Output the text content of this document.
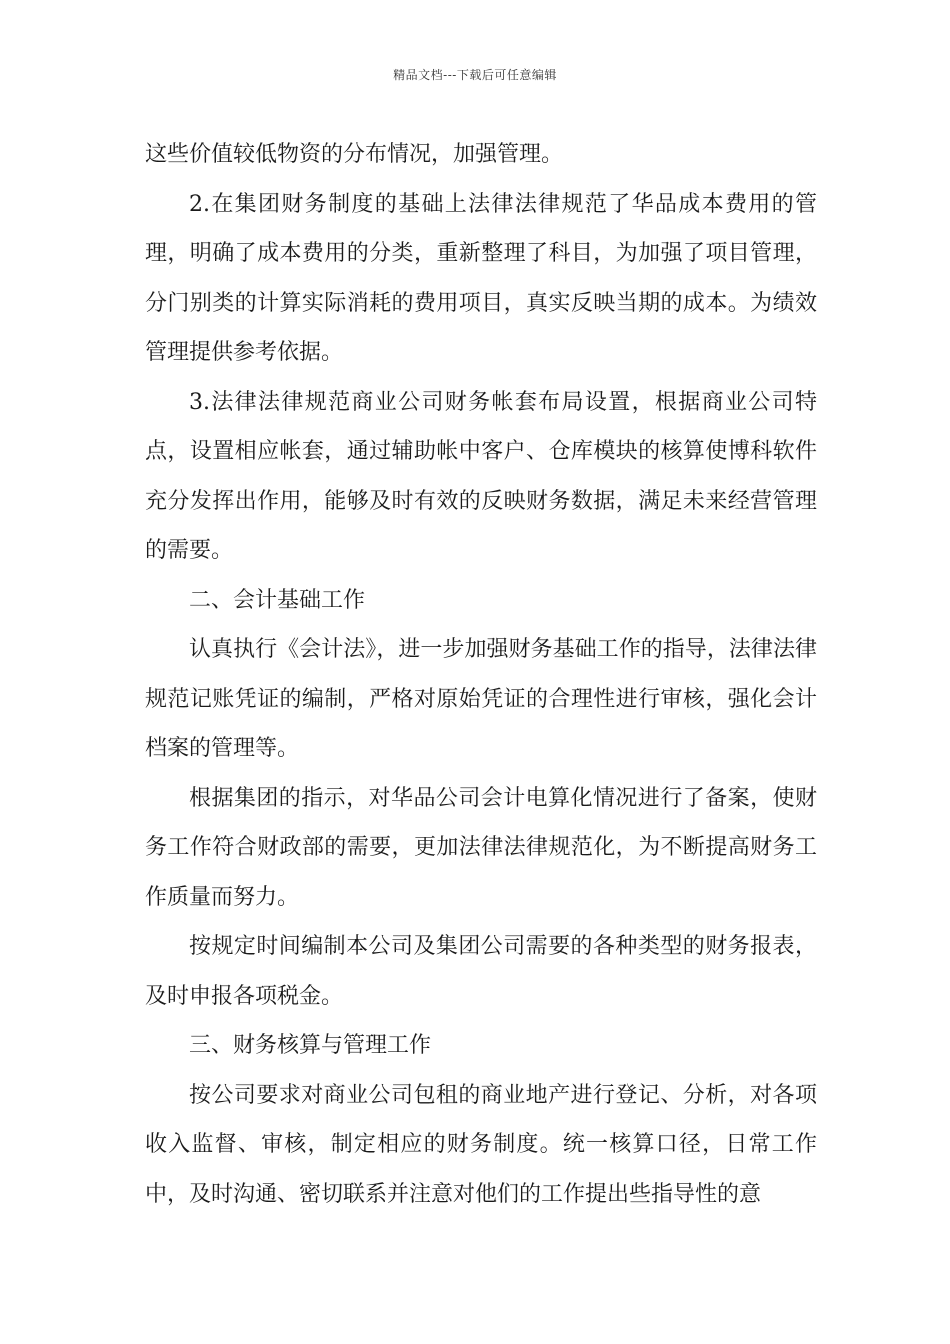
精品文档---下载后可任意编辑

这些价值较低物资的分布情况，加强管理。

2.在集团财务制度的基础上法律法律规范了华品成本费用的管理，明确了成本费用的分类，重新整理了科目，为加强了项目管理，分门别类的计算实际消耗的费用项目，真实反映当期的成本。为绩效管理提供参考依据。

3.法律法律规范商业公司财务帐套布局设置，根据商业公司特点，设置相应帐套，通过辅助帐中客户、仓库模块的核算使博科软件充分发挥出作用，能够及时有效的反映财务数据，满足未来经营管理的需要。

二、会计基础工作

认真执行《会计法》，进一步加强财务基础工作的指导，法律法律规范记账凭证的编制，严格对原始凭证的合理性进行审核，强化会计档案的管理等。

根据集团的指示，对华品公司会计电算化情况进行了备案，使财务工作符合财政部的需要，更加法律法律规范化，为不断提高财务工作质量而努力。

按规定时间编制本公司及集团公司需要的各种类型的财务报表，及时申报各项税金。

三、财务核算与管理工作

按公司要求对商业公司包租的商业地产进行登记、分析，对各项收入监督、审核，制定相应的财务制度。统一核算口径，日常工作中，及时沟通、密切联系并注意对他们的工作提出些指导性的意
